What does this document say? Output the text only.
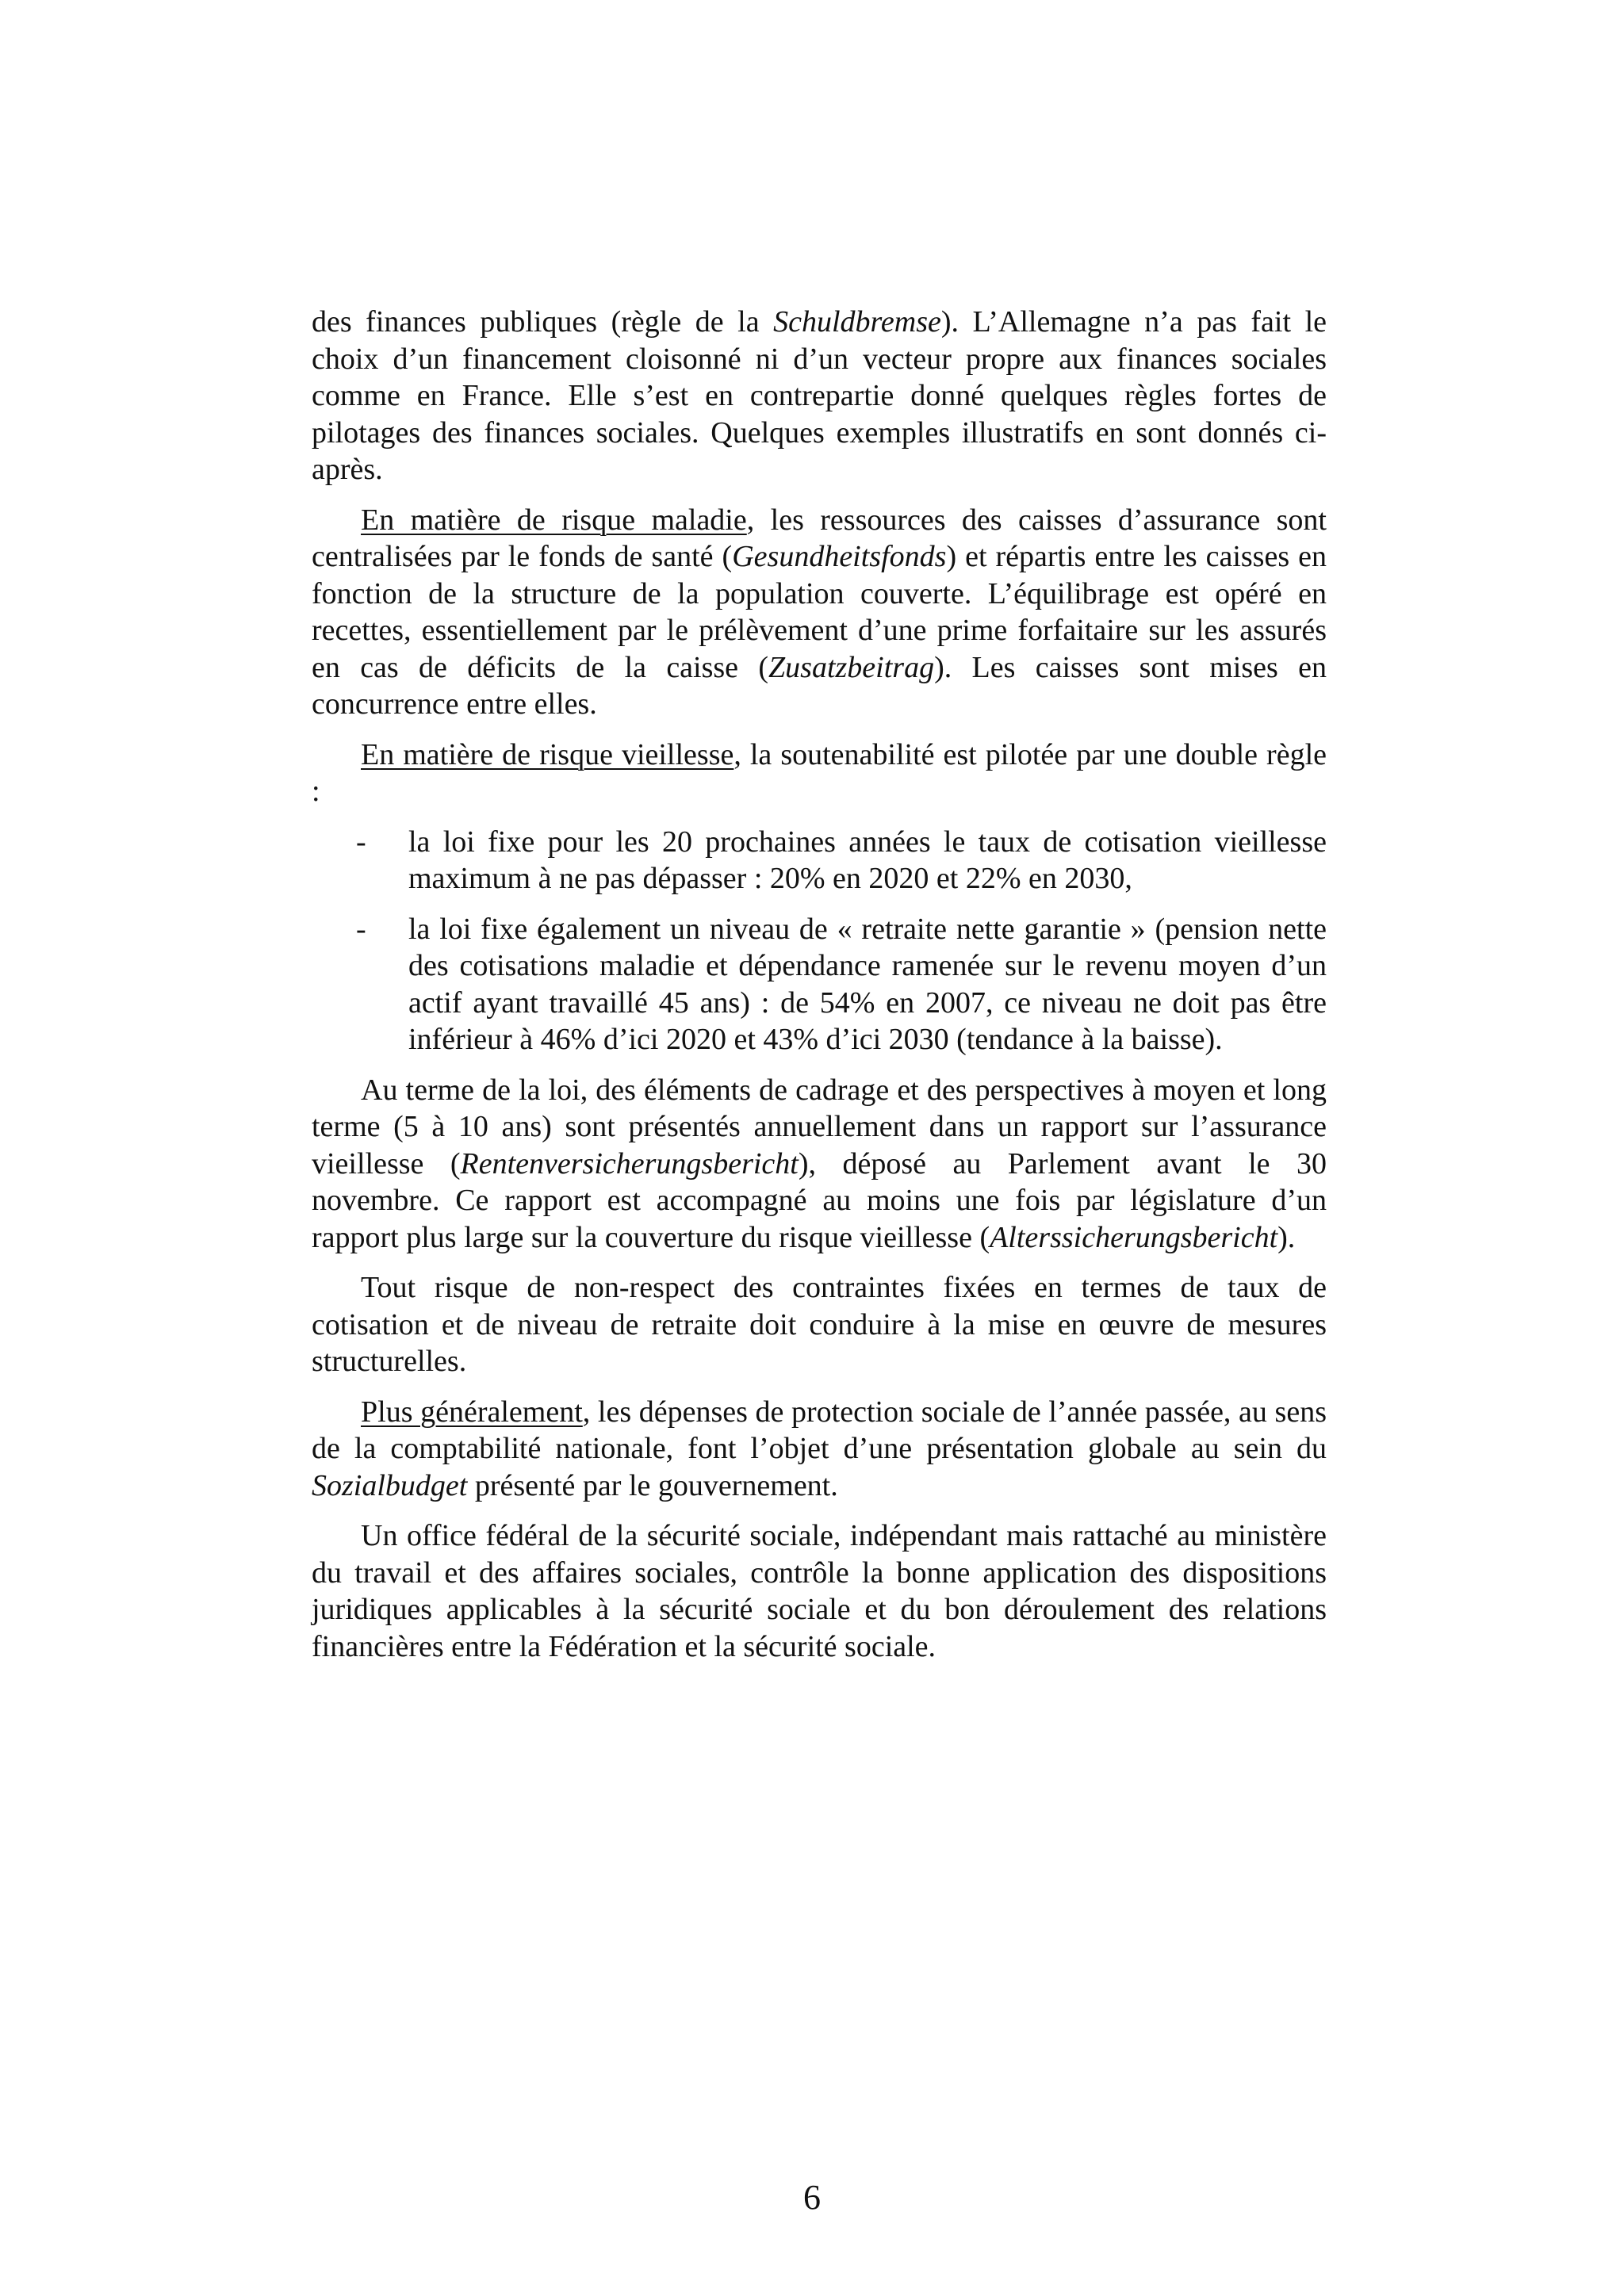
des finances publiques (règle de la Schuldbremse). L’Allemagne n’a pas fait le choix d’un financement cloisonné ni d’un vecteur propre aux finances sociales comme en France. Elle s’est en contrepartie donné quelques règles fortes de pilotages des finances sociales. Quelques exemples illustratifs en sont donnés ci-après.

En matière de risque maladie, les ressources des caisses d’assurance sont centralisées par le fonds de santé (Gesundheitsfonds) et répartis entre les caisses en fonction de la structure de la population couverte. L’équilibrage est opéré en recettes, essentiellement par le prélèvement d’une prime forfaitaire sur les assurés en cas de déficits de la caisse (Zusatzbeitrag). Les caisses sont mises en concurrence entre elles.

En matière de risque vieillesse, la soutenabilité est pilotée par une double règle :

- la loi fixe pour les 20 prochaines années le taux de cotisation vieillesse maximum à ne pas dépasser : 20% en 2020 et 22% en 2030,
- la loi fixe également un niveau de « retraite nette garantie » (pension nette des cotisations maladie et dépendance ramenée sur le revenu moyen d’un actif ayant travaillé 45 ans) : de 54% en 2007, ce niveau ne doit pas être inférieur à 46% d’ici 2020 et 43% d’ici 2030 (tendance à la baisse).

Au terme de la loi, des éléments de cadrage et des perspectives à moyen et long terme (5 à 10 ans) sont présentés annuellement dans un rapport sur l’assurance vieillesse (Rentenversicherungsbericht), déposé au Parlement avant le 30 novembre. Ce rapport est accompagné au moins une fois par législature d’un rapport plus large sur la couverture du risque vieillesse (Alterssicherungsbericht).

Tout risque de non-respect des contraintes fixées en termes de taux de cotisation et de niveau de retraite doit conduire à la mise en œuvre de mesures structurelles.

Plus généralement, les dépenses de protection sociale de l’année passée, au sens de la comptabilité nationale, font l’objet d’une présentation globale au sein du Sozialbudget présenté par le gouvernement.

Un office fédéral de la sécurité sociale, indépendant mais rattaché au ministère du travail et des affaires sociales, contrôle la bonne application des dispositions juridiques applicables à la sécurité sociale et du bon déroulement des relations financières entre la Fédération et la sécurité sociale.

6
